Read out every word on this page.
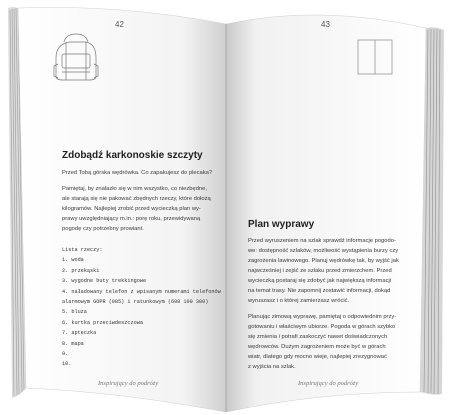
42	43
Zdobądź karkonoskie szczyty
Przed Tobą górska wędrówka. Co zapakujesz do plecaka?
Pamiętaj, by znalazło się w nim wszystko, co niezbędne,
ale starają się nie pakować zbędnych rzeczy, które dołożą
kilogramów. Najlepiej zrobić przed wycieczką plan wy-
prawy uwzględniający m.in.: porę roku, przewidywaną
pogodę czy potrzebny prowiant.
Lista rzeczy:
1. woda
2. przekąski
3. wygodne buty trekkingowe
4. naładowany telefon z wpisanym numerami telefonów
alarmowym GOPR (985) i ratunkowym (608 100 300)
5. bluza
6. kurtka przeciwdeszczowa
7. apteczka
8. mapa
9.
10.
Inspirujący do podróży
Plan wyprawy
Przed wyruszeniem na szlak sprawdź informacje pogodo-
we: dostępność szlaków, możliwość wystąpienia burzy czy
zagrożenia lawinowego. Planuj wędrówkę tak, by wyjść jak
najwcześniej i zejść ze szlaku przed zmierzchem. Przed
wycieczką postaraj się zdobyć jak największą informacji
na temat trasy. Nie zapomnij zostawić informacji, dokąd
wyruszasz i o której zamierzasz wrócić.
Planując zimową wyprawę, pamiętaj o odpowiednim przy-
gotowaniu i właściwym ubiorze. Pogoda w górach szybko
się zmienia i potrafi zaskoczyć nawet doświadczonych
wędrowców. Dużym zagrożeniem może być w górach
wiatr, dlatego gdy mocno wieje, najlepiej zrezygnować
z wyjścia na szlak.
Inspirujący do podróży
